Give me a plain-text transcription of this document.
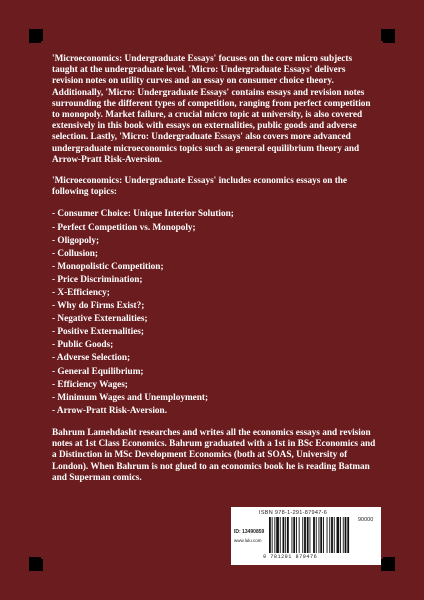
'Microeconomics: Undergraduate Essays' focuses on the core micro subjects taught at the undergraduate level. 'Micro: Undergraduate Essays' delivers revision notes on utility curves and an essay on consumer choice theory. Additionally, 'Micro: Undergraduate Essays' contains essays and revision notes surrounding the different types of competition, ranging from perfect competition to monopoly. Market failure, a crucial micro topic at university, is also covered extensively in this book with essays on externalities, public goods and adverse selection. Lastly, 'Micro: Undergraduate Essays' also covers more advanced undergraduate microeconomics topics such as general equilibrium theory and Arrow-Pratt Risk-Aversion.

'Microeconomics: Undergraduate Essays' includes economics essays on the following topics:

- Consumer Choice: Unique Interior Solution;
- Perfect Competition vs. Monopoly;
- Oligopoly;
- Collusion;
- Monopolistic Competition;
- Price Discrimination;
- X-Efficiency;
- Why do Firms Exist?;
- Negative Externalities;
- Positive Externalities;
- Public Goods;
- Adverse Selection;
- General Equilibrium;
- Efficiency Wages;
- Minimum Wages and Unemployment;
- Arrow-Pratt Risk-Aversion.

Bahrum Lamehdasht researches and writes all the economics essays and revision notes at 1st Class Economics. Bahrum graduated with a 1st in BSc Economics and a Distinction in MSc Development Economics (both at SOAS, University of London). When Bahrum is not glued to an economics book he is reading Batman and Superman comics.

ISBN 978-1-291-87947-6
90000
ID: 13490859
www.lulu.com
9 781291 879476
